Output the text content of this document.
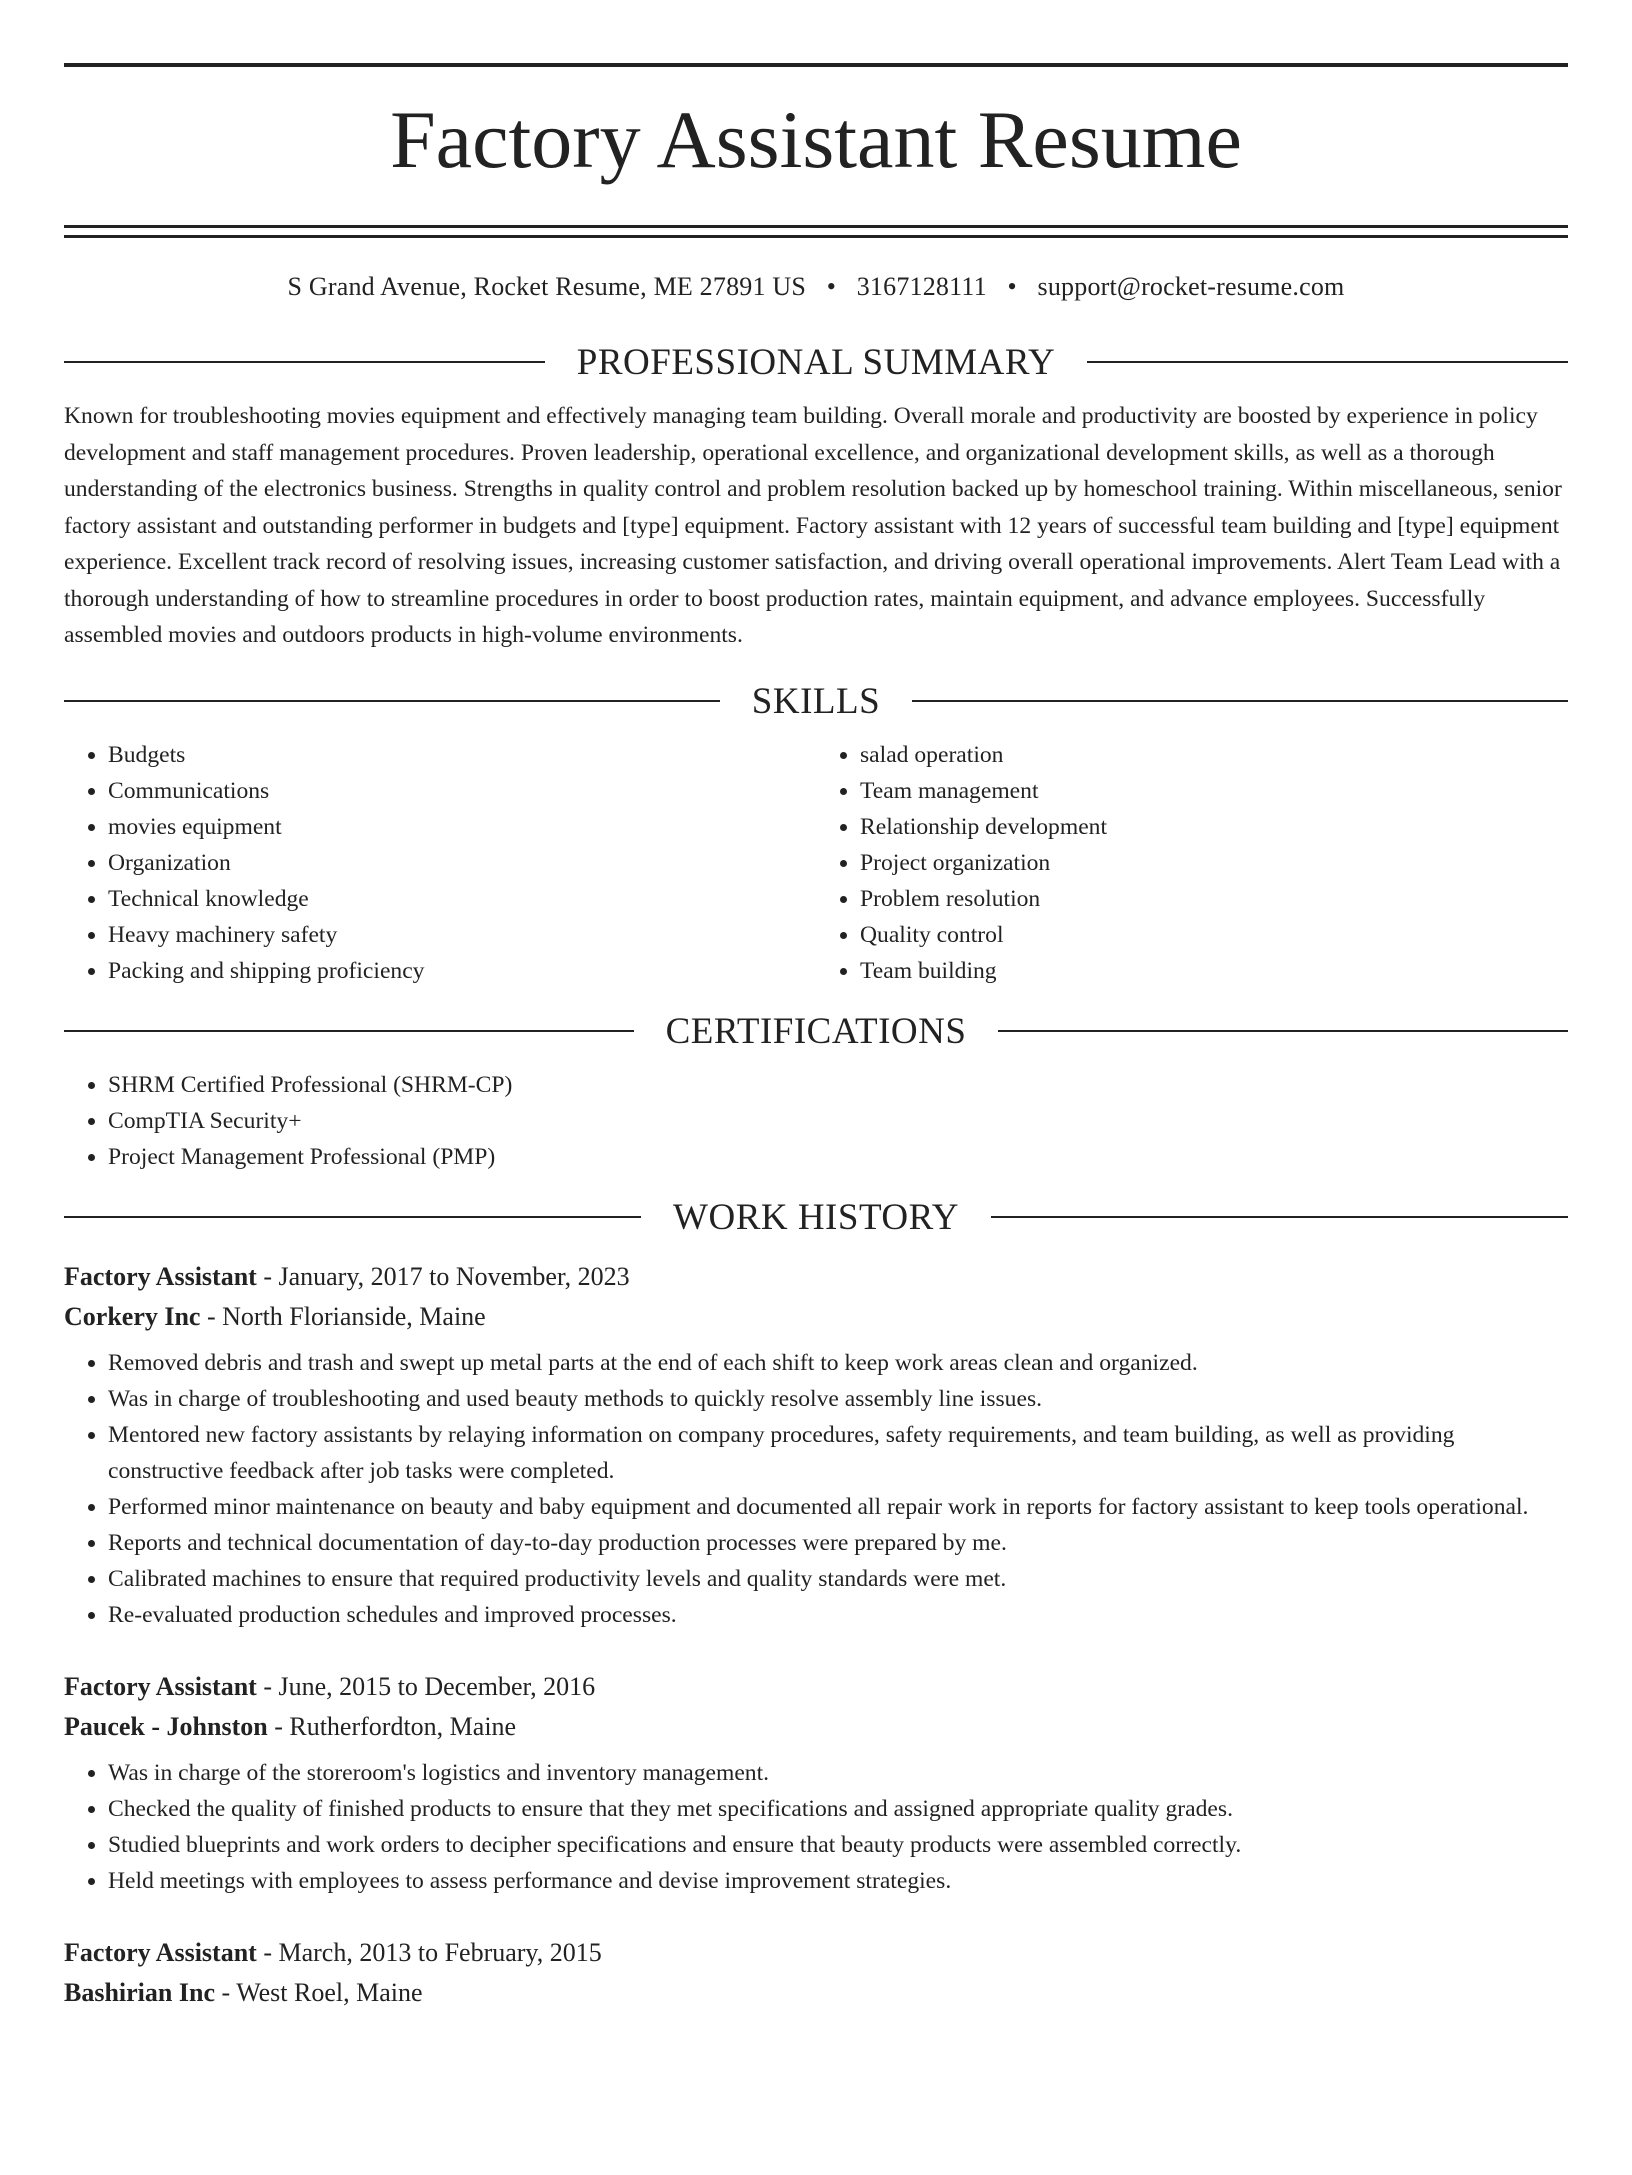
Factory Assistant Resume
S Grand Avenue, Rocket Resume, ME 27891 US • 3167128111 • support@rocket-resume.com
PROFESSIONAL SUMMARY

Known for troubleshooting movies equipment and effectively managing team building. Overall morale and productivity are boosted by experience in policy development and staff management procedures. Proven leadership, operational excellence, and organizational development skills, as well as a thorough understanding of the electronics business. Strengths in quality control and problem resolution backed up by homeschool training. Within miscellaneous, senior factory assistant and outstanding performer in budgets and [type] equipment. Factory assistant with 12 years of successful team building and [type] equipment experience. Excellent track record of resolving issues, increasing customer satisfaction, and driving overall operational improvements. Alert Team Lead with a thorough understanding of how to streamline procedures in order to boost production rates, maintain equipment, and advance employees. Successfully assembled movies and outdoors products in high-volume environments.

SKILLS
• Budgets
• Communications
• movies equipment
• Organization
• Technical knowledge
• Heavy machinery safety
• Packing and shipping proficiency
• salad operation
• Team management
• Relationship development
• Project organization
• Problem resolution
• Quality control
• Team building
CERTIFICATIONS
• SHRM Certified Professional (SHRM-CP)
• CompTIA Security+
• Project Management Professional (PMP)
WORK HISTORY
Factory Assistant - January, 2017 to November, 2023
Corkery Inc - North Florianside, Maine
• Removed debris and trash and swept up metal parts at the end of each shift to keep work areas clean and organized.
• Was in charge of troubleshooting and used beauty methods to quickly resolve assembly line issues.
• Mentored new factory assistants by relaying information on company procedures, safety requirements, and team building, as well as providing constructive feedback after job tasks were completed.
• Performed minor maintenance on beauty and baby equipment and documented all repair work in reports for factory assistant to keep tools operational.
• Reports and technical documentation of day-to-day production processes were prepared by me.
• Calibrated machines to ensure that required productivity levels and quality standards were met.
• Re-evaluated production schedules and improved processes.
Factory Assistant - June, 2015 to December, 2016
Paucek - Johnston - Rutherfordton, Maine
• Was in charge of the storeroom's logistics and inventory management.
• Checked the quality of finished products to ensure that they met specifications and assigned appropriate quality grades.
• Studied blueprints and work orders to decipher specifications and ensure that beauty products were assembled correctly.
• Held meetings with employees to assess performance and devise improvement strategies.
Factory Assistant - March, 2013 to February, 2015
Bashirian Inc - West Roel, Maine
